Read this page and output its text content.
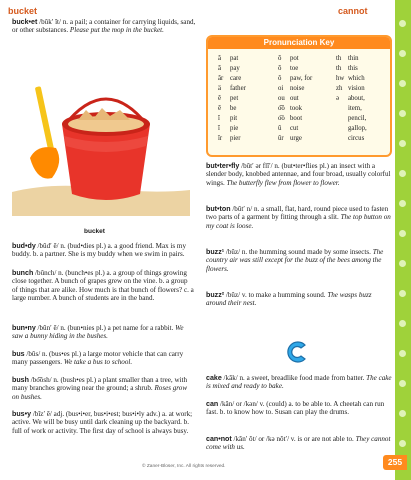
bucket	cannot
buck•et /bŭk′ ĭt/ n. a pail; a container for carrying liquids, sand, or other substances. Please put the mop in the bucket.
bucket
bud•dy /bŭd′ ē/ n. (bud•dies pl.) a. a good friend. Max is my buddy. b. a partner. She is my buddy when we swim in pairs.
bunch /bŭnch/ n. (bunch•es pl.) a. a group of things growing close together. A bunch of grapes grew on the vine. b. a group of things that are alike. How much is that bunch of flowers? c. a large number. A bunch of students are in the band.
bun•ny /bŭn′ ē/ n. (bun•nies pl.) a pet name for a rabbit. We saw a bunny hiding in the bushes.
bus /bŭs/ n. (bus•es pl.) a large motor vehicle that can carry many passengers. We take a bus to school.
bush /bo͝osh/ n. (bush•es pl.) a plant smaller than a tree, with many branches growing near the ground; a shrub. Roses grow on bushes.
bus•y /bĭz′ ē/ adj. (bus•i•er, bus•i•est; bus•i•ly adv.) a. at work; active. We will be busy until dark cleaning up the backyard. b. full of work or activity. The first day of school is always busy.
Pronunciation Key
ă pat	ō pot	th thin
ā pay	ō toe	th this
âr care	ô paw, for	hw which
ä father	oi noise	zh vision
ĕ pet	ou out	ə about,
ē be	o͝o took	item,
ĭ pit	o͞o boot	pencil,
ī pie	ŭ cut	gallop,
îr pier	ûr urge	circus
but•ter•fly /bŭt′ ər flī′/ n. (but•ter•flies pl.) an insect with a slender body, knobbed antennae, and four broad, usually colorful wings. The butterfly flew from flower to flower.
but•ton /bŭt′ n/ n. a small, flat, hard, round piece used to fasten two parts of a garment by fitting through a slit. The top button on my coat is loose.
buzz¹ /bŭz/ n. the humming sound made by some insects. The country air was still except for the buzz of the bees among the flowers.
buzz² /bŭz/ v. to make a humming sound. The wasps buzz around their nest.
cake /kāk/ n. a sweet, breadlike food made from batter. The cake is mixed and ready to bake.
can /kăn/ or /kən/ v. (could) a. to be able to. A cheetah can run fast. b. to know how to. Susan can play the drums.
can•not /kăn′ ŏt/ or /kə nŏt′/ v. is or are not able to. They cannot come with us.
255
© Zaner-Bloser, Inc. All rights reserved.
